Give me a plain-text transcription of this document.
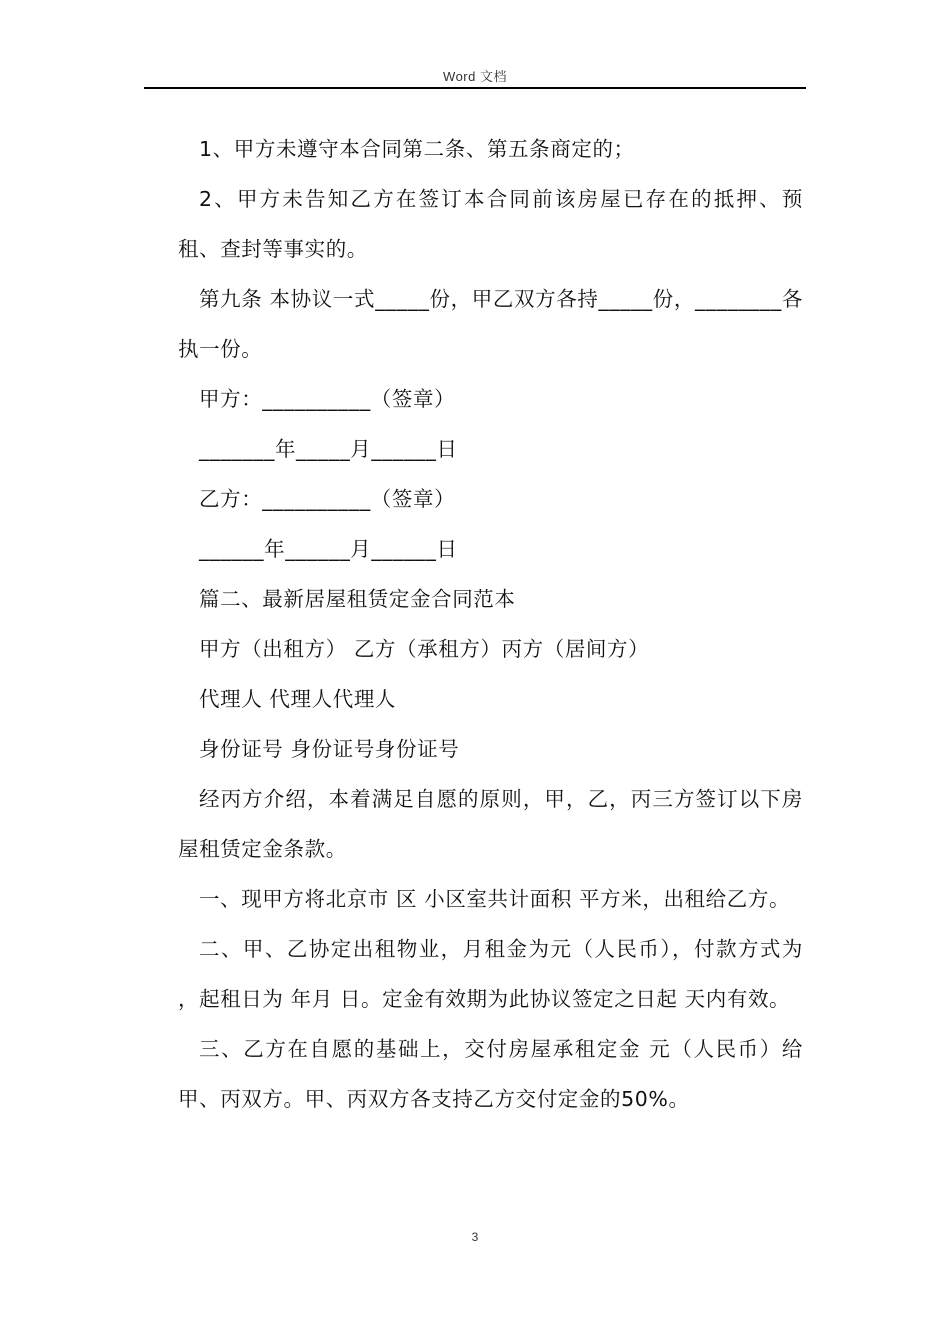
Word 文档

1、甲方未遵守本合同第二条、第五条商定的；

2、甲方未告知乙方在签订本合同前该房屋已存在的抵押、预租、查封等事实的。

第九条 本协议一式_____份，甲乙双方各持_____份，________各执一份。

甲方：__________（签章）

_______年_____月______日

乙方：__________（签章）

______年______月______日

篇二、最新居屋租赁定金合同范本

甲方（出租方） 乙方（承租方）丙方（居间方）

代理人 代理人代理人

身份证号 身份证号身份证号

经丙方介绍，本着满足自愿的原则，甲，乙，丙三方签订以下房屋租赁定金条款。

一、现甲方将北京市 区 小区室共计面积 平方米，出租给乙方。

二、甲、乙协定出租物业，月租金为元（人民币），付款方式为 ，起租日为 年月 日。定金有效期为此协议签定之日起 天内有效。

三、乙方在自愿的基础上，交付房屋承租定金 元（人民币）给甲、丙双方。甲、丙双方各支持乙方交付定金的50%。

3
